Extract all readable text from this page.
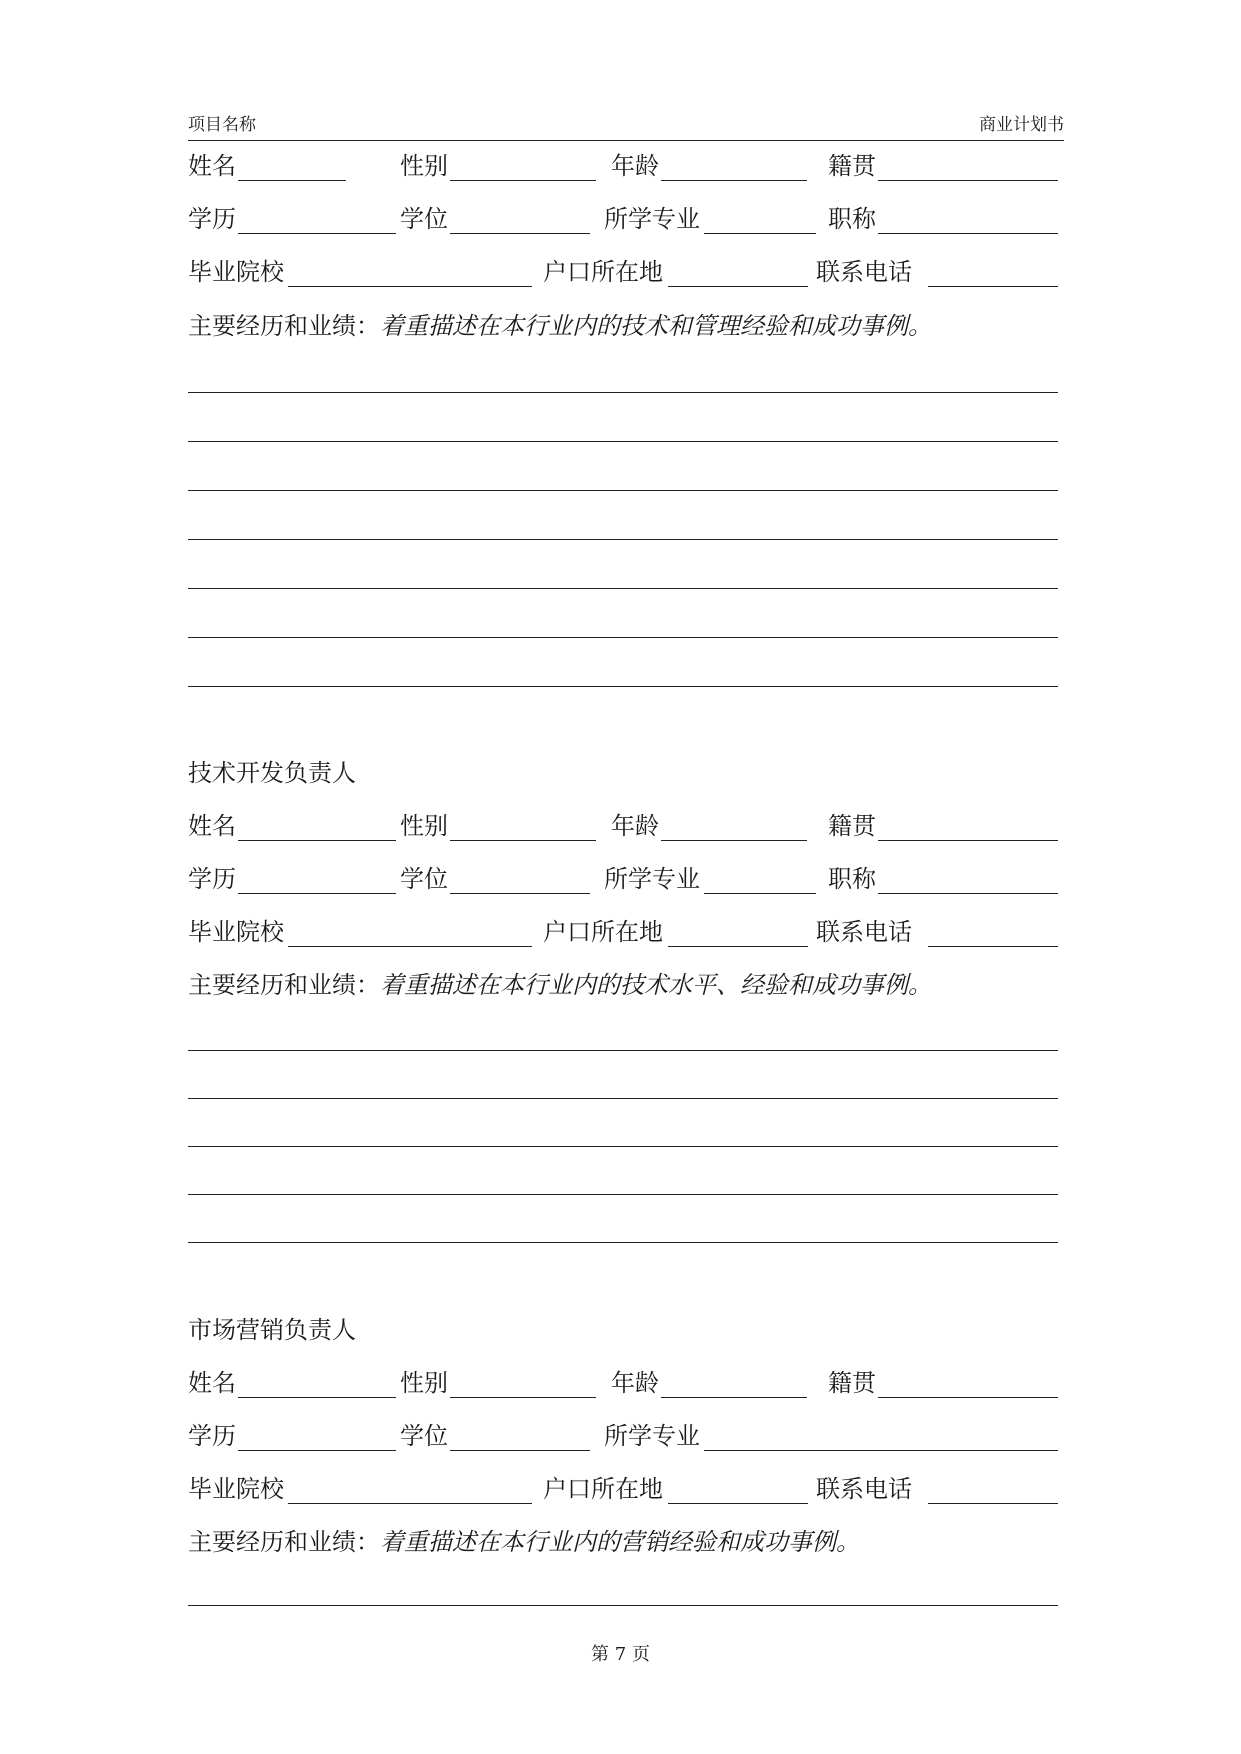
项目名称	商业计划书
姓名	性别	年龄	籍贯
学历	学位	所学专业	职称
毕业院校	户口所在地	联系电话
主要经历和业绩：着重描述在本行业内的技术和管理经验和成功事例。
技术开发负责人
姓名	性别	年龄	籍贯
学历	学位	所学专业	职称
毕业院校	户口所在地	联系电话
主要经历和业绩：着重描述在本行业内的技术水平、经验和成功事例。
市场营销负责人
姓名	性别	年龄	籍贯
学历	学位	所学专业
毕业院校	户口所在地	联系电话
主要经历和业绩：着重描述在本行业内的营销经验和成功事例。
第 7 页
